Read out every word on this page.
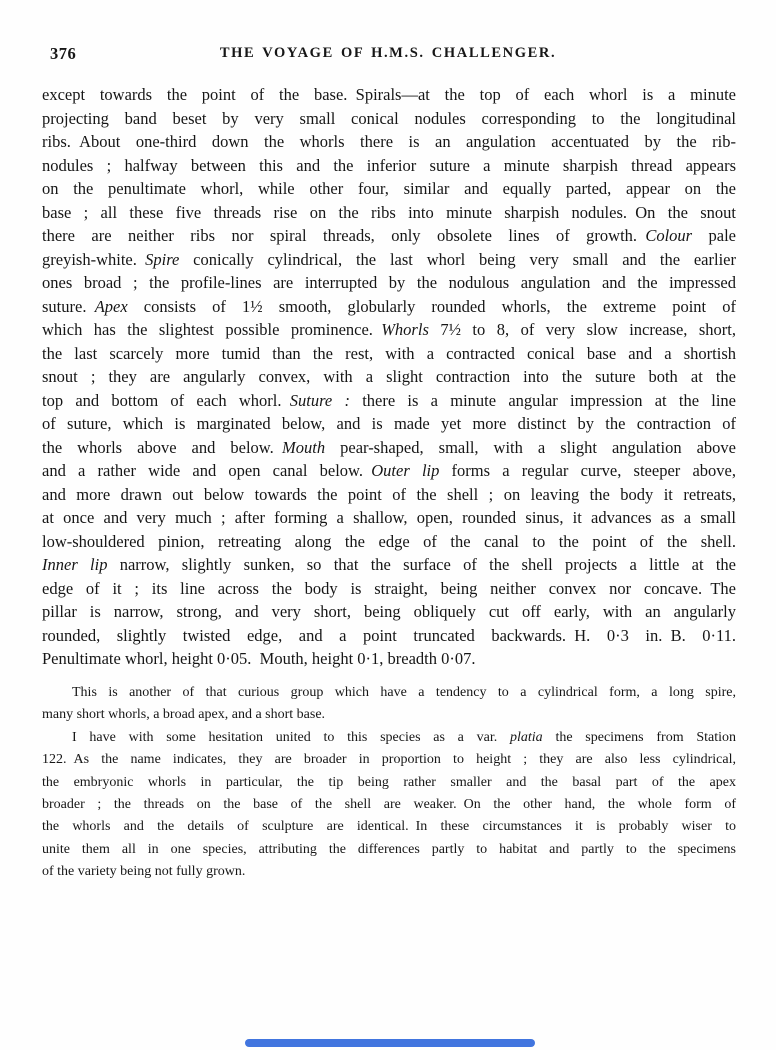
376	THE VOYAGE OF H.M.S. CHALLENGER.
except towards the point of the base. Spirals—at the top of each whorl is a minute
projecting band beset by very small conical nodules corresponding to the longitudinal
ribs. About one-third down the whorls there is an angulation accentuated by the rib-
nodules ; halfway between this and the inferior suture a minute sharpish thread appears
on the penultimate whorl, while other four, similar and equally parted, appear on the
base ; all these five threads rise on the ribs into minute sharpish nodules. On the snout
there are neither ribs nor spiral threads, only obsolete lines of growth. Colour pale
greyish-white. Spire conically cylindrical, the last whorl being very small and the earlier
ones broad ; the profile-lines are interrupted by the nodulous angulation and the impressed
suture. Apex consists of 1½ smooth, globularly rounded whorls, the extreme point of
which has the slightest possible prominence. Whorls 7½ to 8, of very slow increase, short,
the last scarcely more tumid than the rest, with a contracted conical base and a shortish
snout ; they are angularly convex, with a slight contraction into the suture both at the
top and bottom of each whorl. Suture : there is a minute angular impression at the line
of suture, which is marginated below, and is made yet more distinct by the contraction of
the whorls above and below. Mouth pear-shaped, small, with a slight angulation above
and a rather wide and open canal below. Outer lip forms a regular curve, steeper above,
and more drawn out below towards the point of the shell ; on leaving the body it retreats,
at once and very much ; after forming a shallow, open, rounded sinus, it advances as a small
low-shouldered pinion, retreating along the edge of the canal to the point of the shell.
Inner lip narrow, slightly sunken, so that the surface of the shell projects a little at the
edge of it ; its line across the body is straight, being neither convex nor concave. The
pillar is narrow, strong, and very short, being obliquely cut off early, with an angularly
rounded, slightly twisted edge, and a point truncated backwards. H. 0·3 in. B. 0·11.
Penultimate whorl, height 0·05. Mouth, height 0·1, breadth 0·07.
This is another of that curious group which have a tendency to a cylindrical form, a long spire,
many short whorls, a broad apex, and a short base.
I have with some hesitation united to this species as a var. platia the specimens from Station
122. As the name indicates, they are broader in proportion to height ; they are also less cylindrical,
the embryonic whorls in particular, the tip being rather smaller and the basal part of the apex
broader ; the threads on the base of the shell are weaker. On the other hand, the whole form of
the whorls and the details of sculpture are identical. In these circumstances it is probably wiser to
unite them all in one species, attributing the differences partly to habitat and partly to the specimens
of the variety being not fully grown.
